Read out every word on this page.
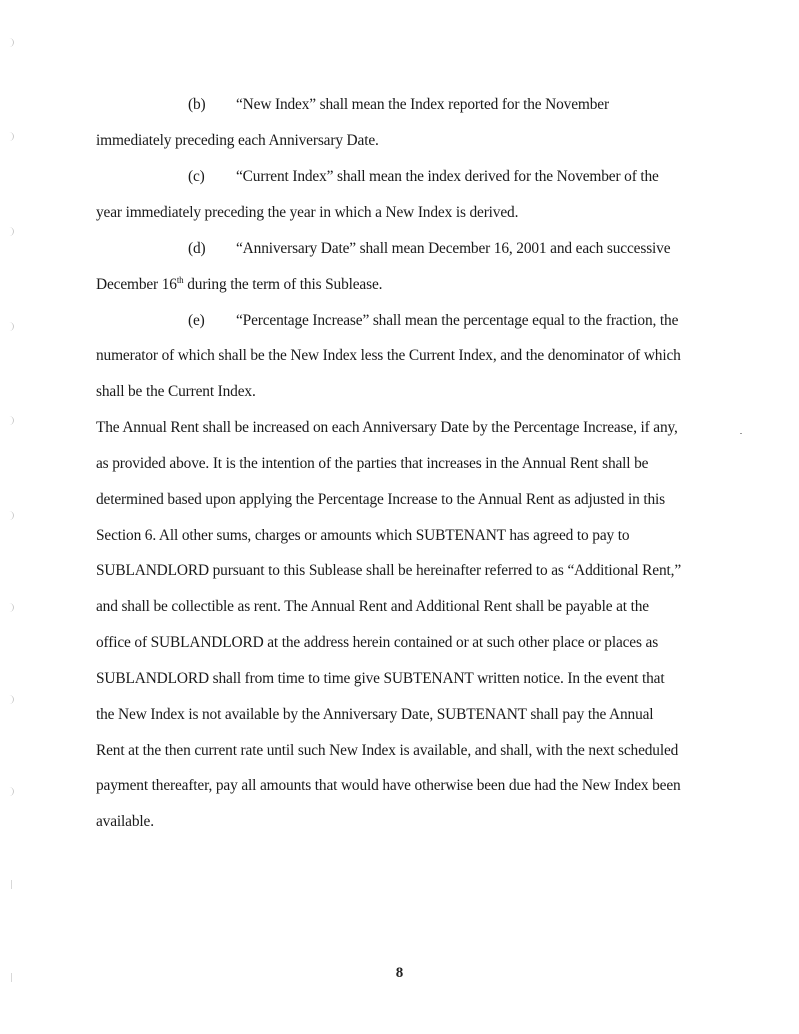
(b) “New Index” shall mean the Index reported for the November
immediately preceding each Anniversary Date.
(c) “Current Index” shall mean the index derived for the November of the
year immediately preceding the year in which a New Index is derived.
(d) “Anniversary Date” shall mean December 16, 2001 and each successive
December 16th during the term of this Sublease.
(e) “Percentage Increase” shall mean the percentage equal to the fraction, the
numerator of which shall be the New Index less the Current Index, and the denominator of which
shall be the Current Index.
The Annual Rent shall be increased on each Anniversary Date by the Percentage Increase, if any,
as provided above. It is the intention of the parties that increases in the Annual Rent shall be
determined based upon applying the Percentage Increase to the Annual Rent as adjusted in this
Section 6. All other sums, charges or amounts which SUBTENANT has agreed to pay to
SUBLANDLORD pursuant to this Sublease shall be hereinafter referred to as “Additional Rent,”
and shall be collectible as rent. The Annual Rent and Additional Rent shall be payable at the
office of SUBLANDLORD at the address herein contained or at such other place or places as
SUBLANDLORD shall from time to time give SUBTENANT written notice. In the event that
the New Index is not available by the Anniversary Date, SUBTENANT shall pay the Annual
Rent at the then current rate until such New Index is available, and shall, with the next scheduled
payment thereafter, pay all amounts that would have otherwise been due had the New Index been
available.
8
